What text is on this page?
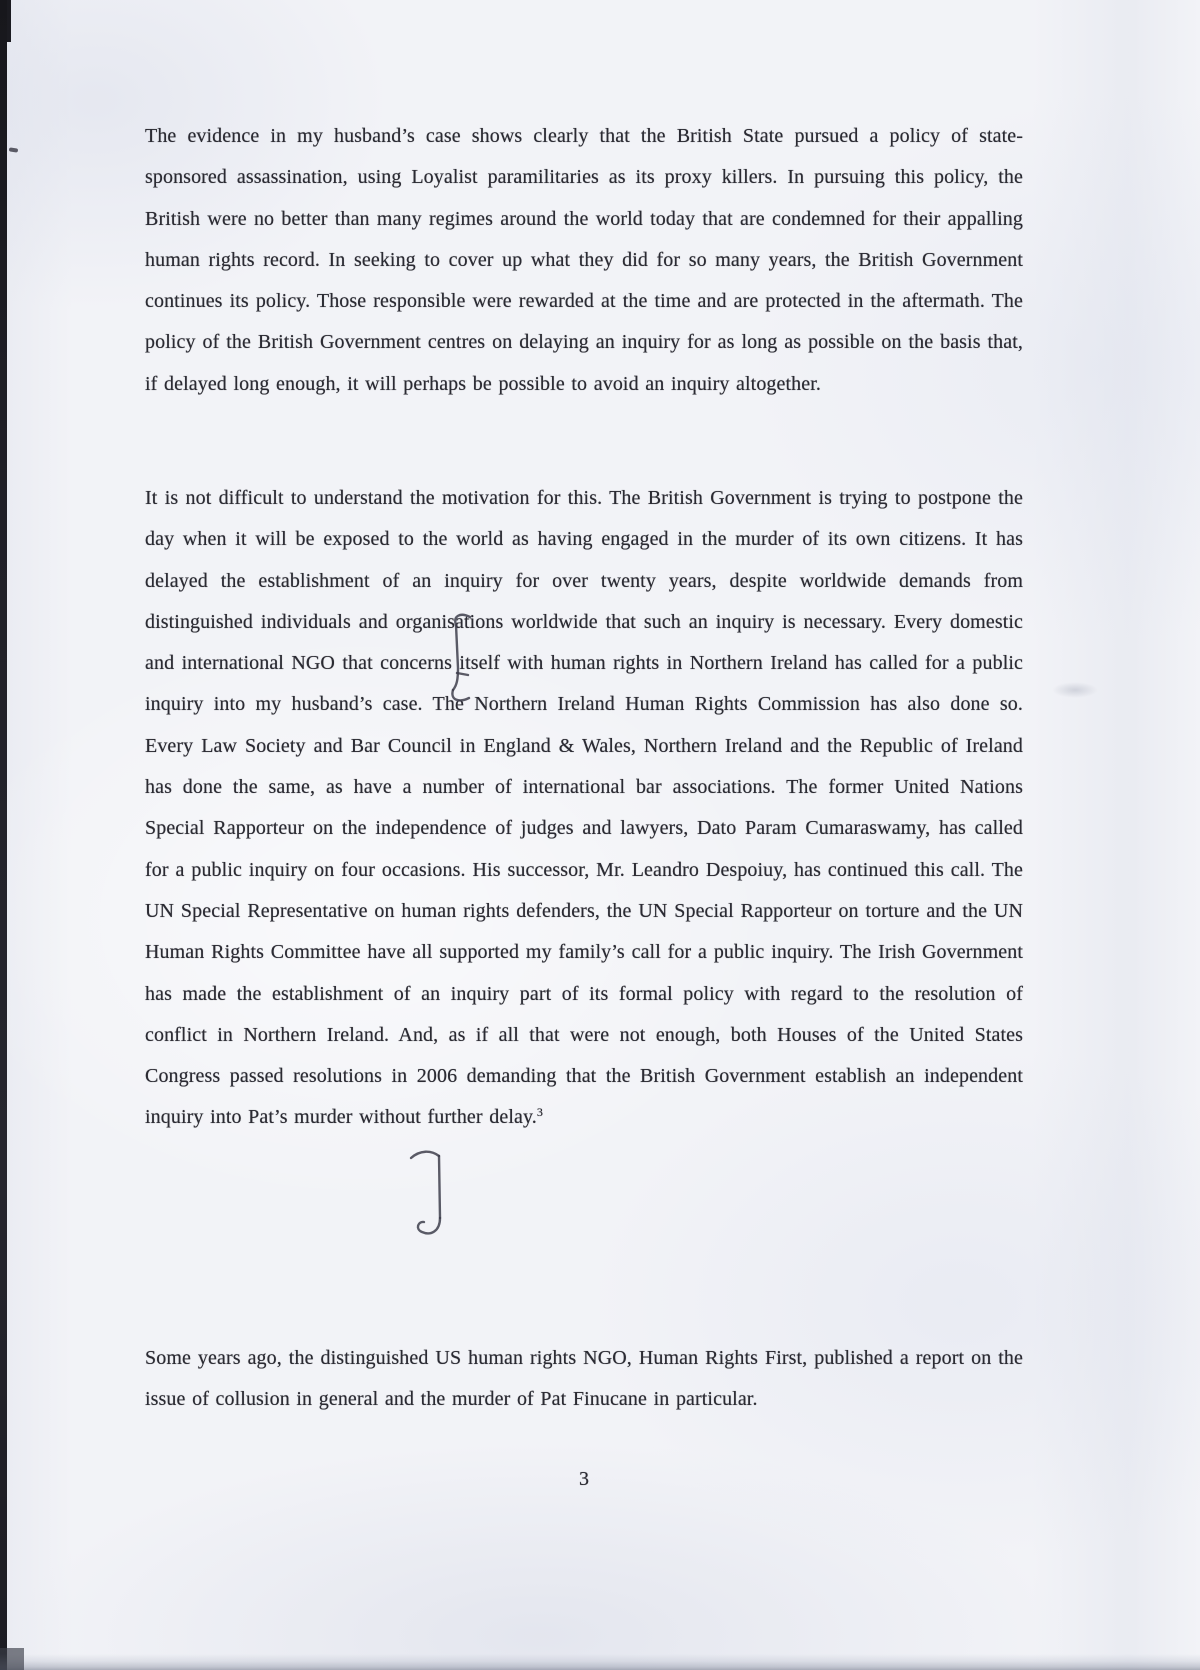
The evidence in my husband’s case shows clearly that the British State pursued a policy of state-sponsored assassination, using Loyalist paramilitaries as its proxy killers. In pursuing this policy, the British were no better than many regimes around the world today that are condemned for their appalling human rights record. In seeking to cover up what they did for so many years, the British Government continues its policy. Those responsible were rewarded at the time and are protected in the aftermath. The policy of the British Government centres on delaying an inquiry for as long as possible on the basis that, if delayed long enough, it will perhaps be possible to avoid an inquiry altogether.

It is not difficult to understand the motivation for this. The British Government is trying to postpone the day when it will be exposed to the world as having engaged in the murder of its own citizens. It has delayed the establishment of an inquiry for over twenty years, despite worldwide demands from distinguished individuals and organisations worldwide that such an inquiry is necessary. Every domestic and international NGO that concerns itself with human rights in Northern Ireland has called for a public inquiry into my husband’s case. The Northern Ireland Human Rights Commission has also done so. Every Law Society and Bar Council in England & Wales, Northern Ireland and the Republic of Ireland has done the same, as have a number of international bar associations. The former United Nations Special Rapporteur on the independence of judges and lawyers, Dato Param Cumaraswamy, has called for a public inquiry on four occasions. His successor, Mr. Leandro Despoiuy, has continued this call. The UN Special Representative on human rights defenders, the UN Special Rapporteur on torture and the UN Human Rights Committee have all supported my family’s call for a public inquiry. The Irish Government has made the establishment of an inquiry part of its formal policy with regard to the resolution of conflict in Northern Ireland. And, as if all that were not enough, both Houses of the United States Congress passed resolutions in 2006 demanding that the British Government establish an independent inquiry into Pat’s murder without further delay.$^3$

Some years ago, the distinguished US human rights NGO, Human Rights First, published a report on the issue of collusion in general and the murder of Pat Finucane in particular.

3
